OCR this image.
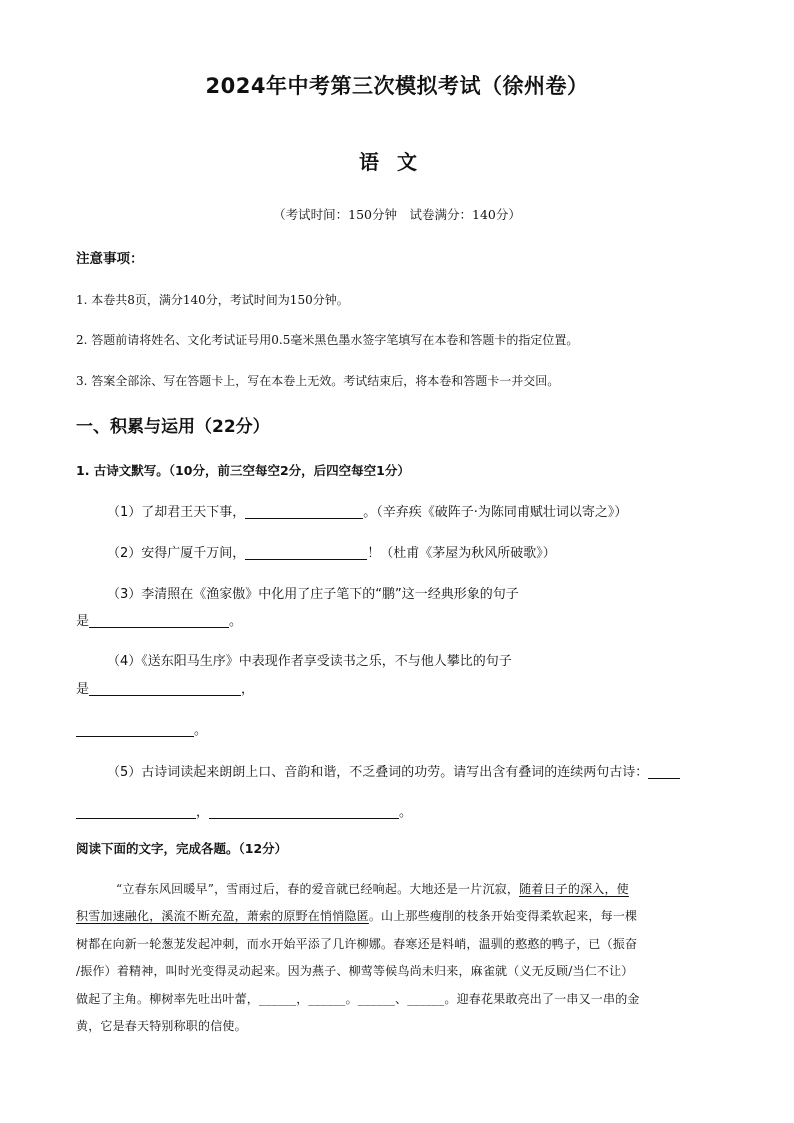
2024年中考第三次模拟考试（徐州卷）
语文
（考试时间：150分钟　试卷满分：140分）
注意事项：
1. 本卷共8页，满分140分，考试时间为150分钟。
2. 答题前请将姓名、文化考试证号用0.5毫米黑色墨水签字笔填写在本卷和答题卡的指定位置。
3. 答案全部涂、写在答题卡上，写在本卷上无效。考试结束后，将本卷和答题卡一并交回。
一、积累与运用（22分）
1. 古诗文默写。（10分，前三空每空2分，后四空每空1分）
（1）了却君王天下事，	。（辛弃疾《破阵子·为陈同甫赋壮词以寄之》）
（2）安得广厦千万间，	！（杜甫《茅屋为秋风所破歌》）
（3）李清照在《渔家傲》中化用了庄子笔下的“鹏”这一经典形象的句子
是	。
（4）《送东阳马生序》中表现作者享受读书之乐，不与他人攀比的句子
是	，
。
（5）古诗词读起来朗朗上口、音韵和谐，不乏叠词的功劳。请写出含有叠词的连续两句古诗：
，	。
阅读下面的文字，完成各题。（12分）
“立春东风回暖早”，雪雨过后，春的爱音就已经响起。大地还是一片沉寂，随着日子的深入，使
积雪加速融化，溪流不断充盈，萧索的原野在悄悄隐匿。山上那些瘦削的枝条开始变得柔软起来，每一棵
树都在向新一轮葱茏发起冲刺，而水开始平添了几许柳娜。春寒还是料峭，温驯的憨憨的鸭子，已（振奋
/振作）着精神，叫时光变得灵动起来。因为燕子、柳莺等候鸟尚未归来，麻雀就（义无反顾/当仁不让）
做起了主角。柳树率先吐出叶蕾，______，______。______、______。迎春花果敢亮出了一串又一串的金
黄，它是春天特别称职的信使。
